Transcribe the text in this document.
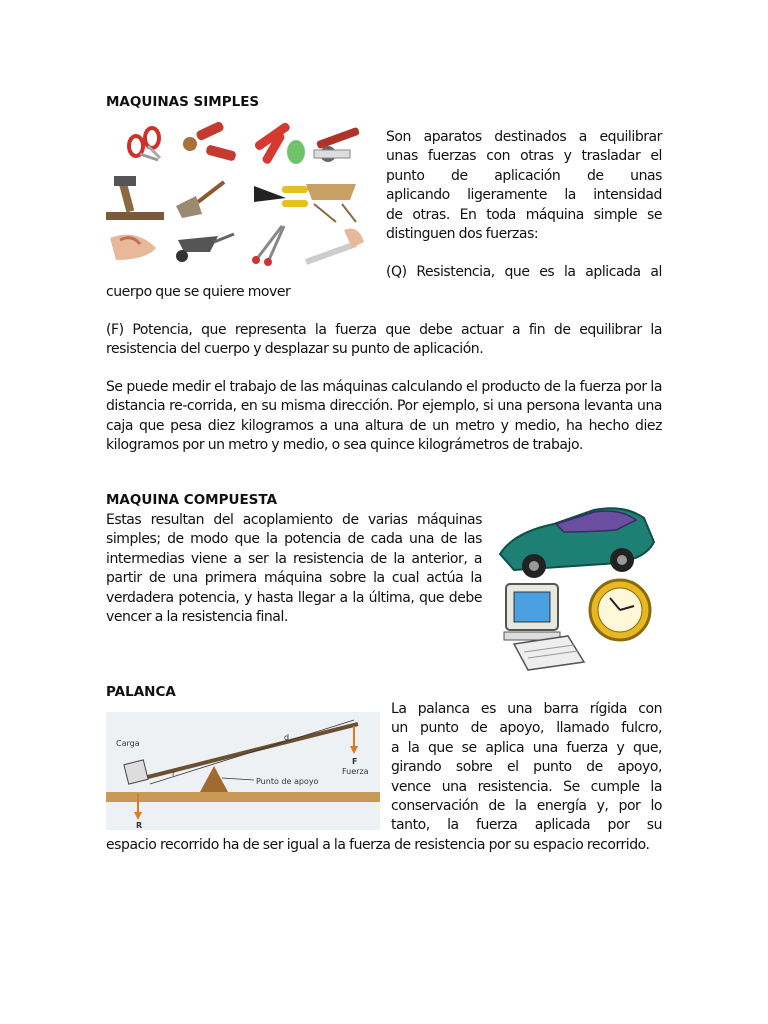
MAQUINAS SIMPLES
Son aparatos destinados a equilibrar
unas fuerzas con otras y trasladar el
punto de aplicación de unas
aplicando ligeramente la intensidad
de otras. En toda máquina simple se
distinguen dos fuerzas:
(Q) Resistencia, que es la aplicada al
cuerpo que se quiere mover
(F) Potencia, que representa la fuerza que debe actuar a fin de equilibrar la resistencia del cuerpo y desplazar su punto de aplicación.
Se puede medir el trabajo de las máquinas calculando el producto de la fuerza por la distancia re-corrida, en su misma dirección. Por ejemplo, si una persona levanta una caja que pesa diez kilogramos a una altura de un metro y medio, ha hecho diez kilogramos por un metro y medio, o sea quince kilográmetros de trabajo.
MAQUINA COMPUESTA
Estas resultan del acoplamiento de varias máquinas simples; de modo que la potencia de cada una de las intermedias viene a ser la resistencia de la anterior, a partir de una primera máquina sobre la cual actúa la verdadera potencia, y hasta llegar a la última, que debe vencer a la resistencia final.
PALANCA
Carga
d
r
F
Fuerza
Punto de apoyo
R
La palanca es una barra rígida con
un punto de apoyo, llamado fulcro,
a la que se aplica una fuerza y que,
girando sobre el punto de apoyo,
vence una resistencia. Se cumple la
conservación de la energía y, por lo
tanto, la fuerza aplicada por su
espacio recorrido ha de ser igual a la fuerza de resistencia por su espacio recorrido.
